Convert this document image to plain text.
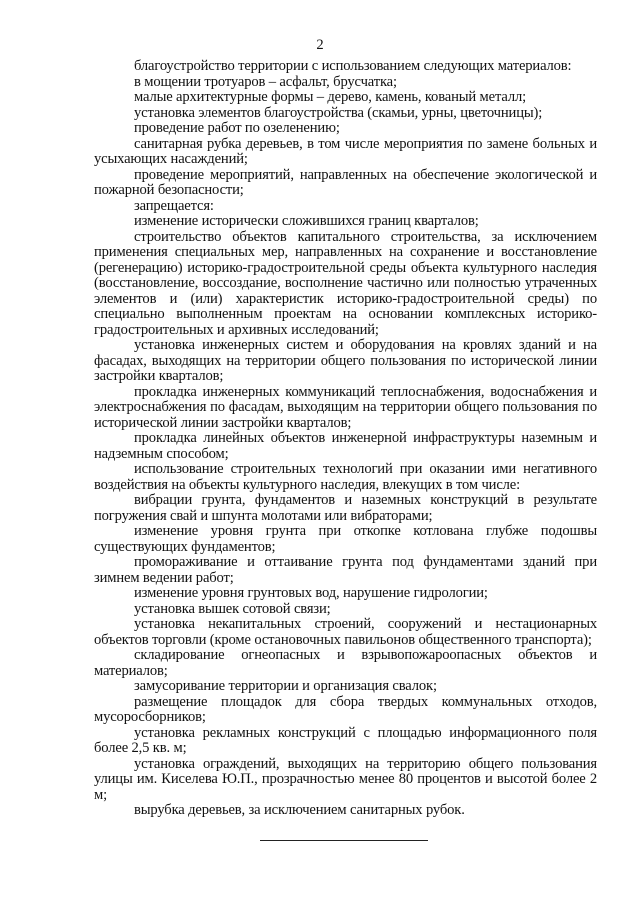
2

благоустройство территории с использованием следующих материалов:

в мощении тротуаров – асфальт, брусчатка;

малые архитектурные формы – дерево, камень, кованый металл;

установка элементов благоустройства (скамьи, урны, цветочницы);

проведение работ по озеленению;

санитарная рубка деревьев, в том числе мероприятия по замене больных и усыхающих насаждений;

проведение мероприятий, направленных на обеспечение экологической и пожарной безопасности;

запрещается:

изменение исторически сложившихся границ кварталов;

строительство объектов капитального строительства, за исключением применения специальных мер, направленных на сохранение и восстановление (регенерацию) историко-градостроительной среды объекта культурного наследия (восстановление, воссоздание, восполнение частично или полностью утраченных элементов и (или) характеристик историко-градостроительной среды) по специально выполненным проектам на основании комплексных историко-градостроительных и архивных исследований;

установка инженерных систем и оборудования на кровлях зданий и на фасадах, выходящих на территории общего пользования по исторической линии застройки кварталов;

прокладка инженерных коммуникаций теплоснабжения, водоснабжения и электроснабжения по фасадам, выходящим на территории общего пользования по исторической линии застройки кварталов;

прокладка линейных объектов инженерной инфраструктуры наземным и надземным способом;

использование строительных технологий при оказании ими негативного воздействия на объекты культурного наследия, влекущих в том числе:

вибрации грунта, фундаментов и наземных конструкций в результате погружения свай и шпунта молотами или вибраторами;

изменение уровня грунта при откопке котлована глубже подошвы существующих фундаментов;

промораживание и оттаивание грунта под фундаментами зданий при зимнем ведении работ;

изменение уровня грунтовых вод, нарушение гидрологии;

установка вышек сотовой связи;

установка некапитальных строений, сооружений и нестационарных объектов торговли (кроме остановочных павильонов общественного транспорта);

складирование огнеопасных и взрывопожароопасных объектов и материалов;

замусоривание территории и организация свалок;

размещение площадок для сбора твердых коммунальных отходов, мусоросборников;

установка рекламных конструкций с площадью информационного поля более 2,5 кв. м;

установка ограждений, выходящих на территорию общего пользования улицы им. Киселева Ю.П., прозрачностью менее 80 процентов и высотой более 2 м;

вырубка деревьев, за исключением санитарных рубок.
